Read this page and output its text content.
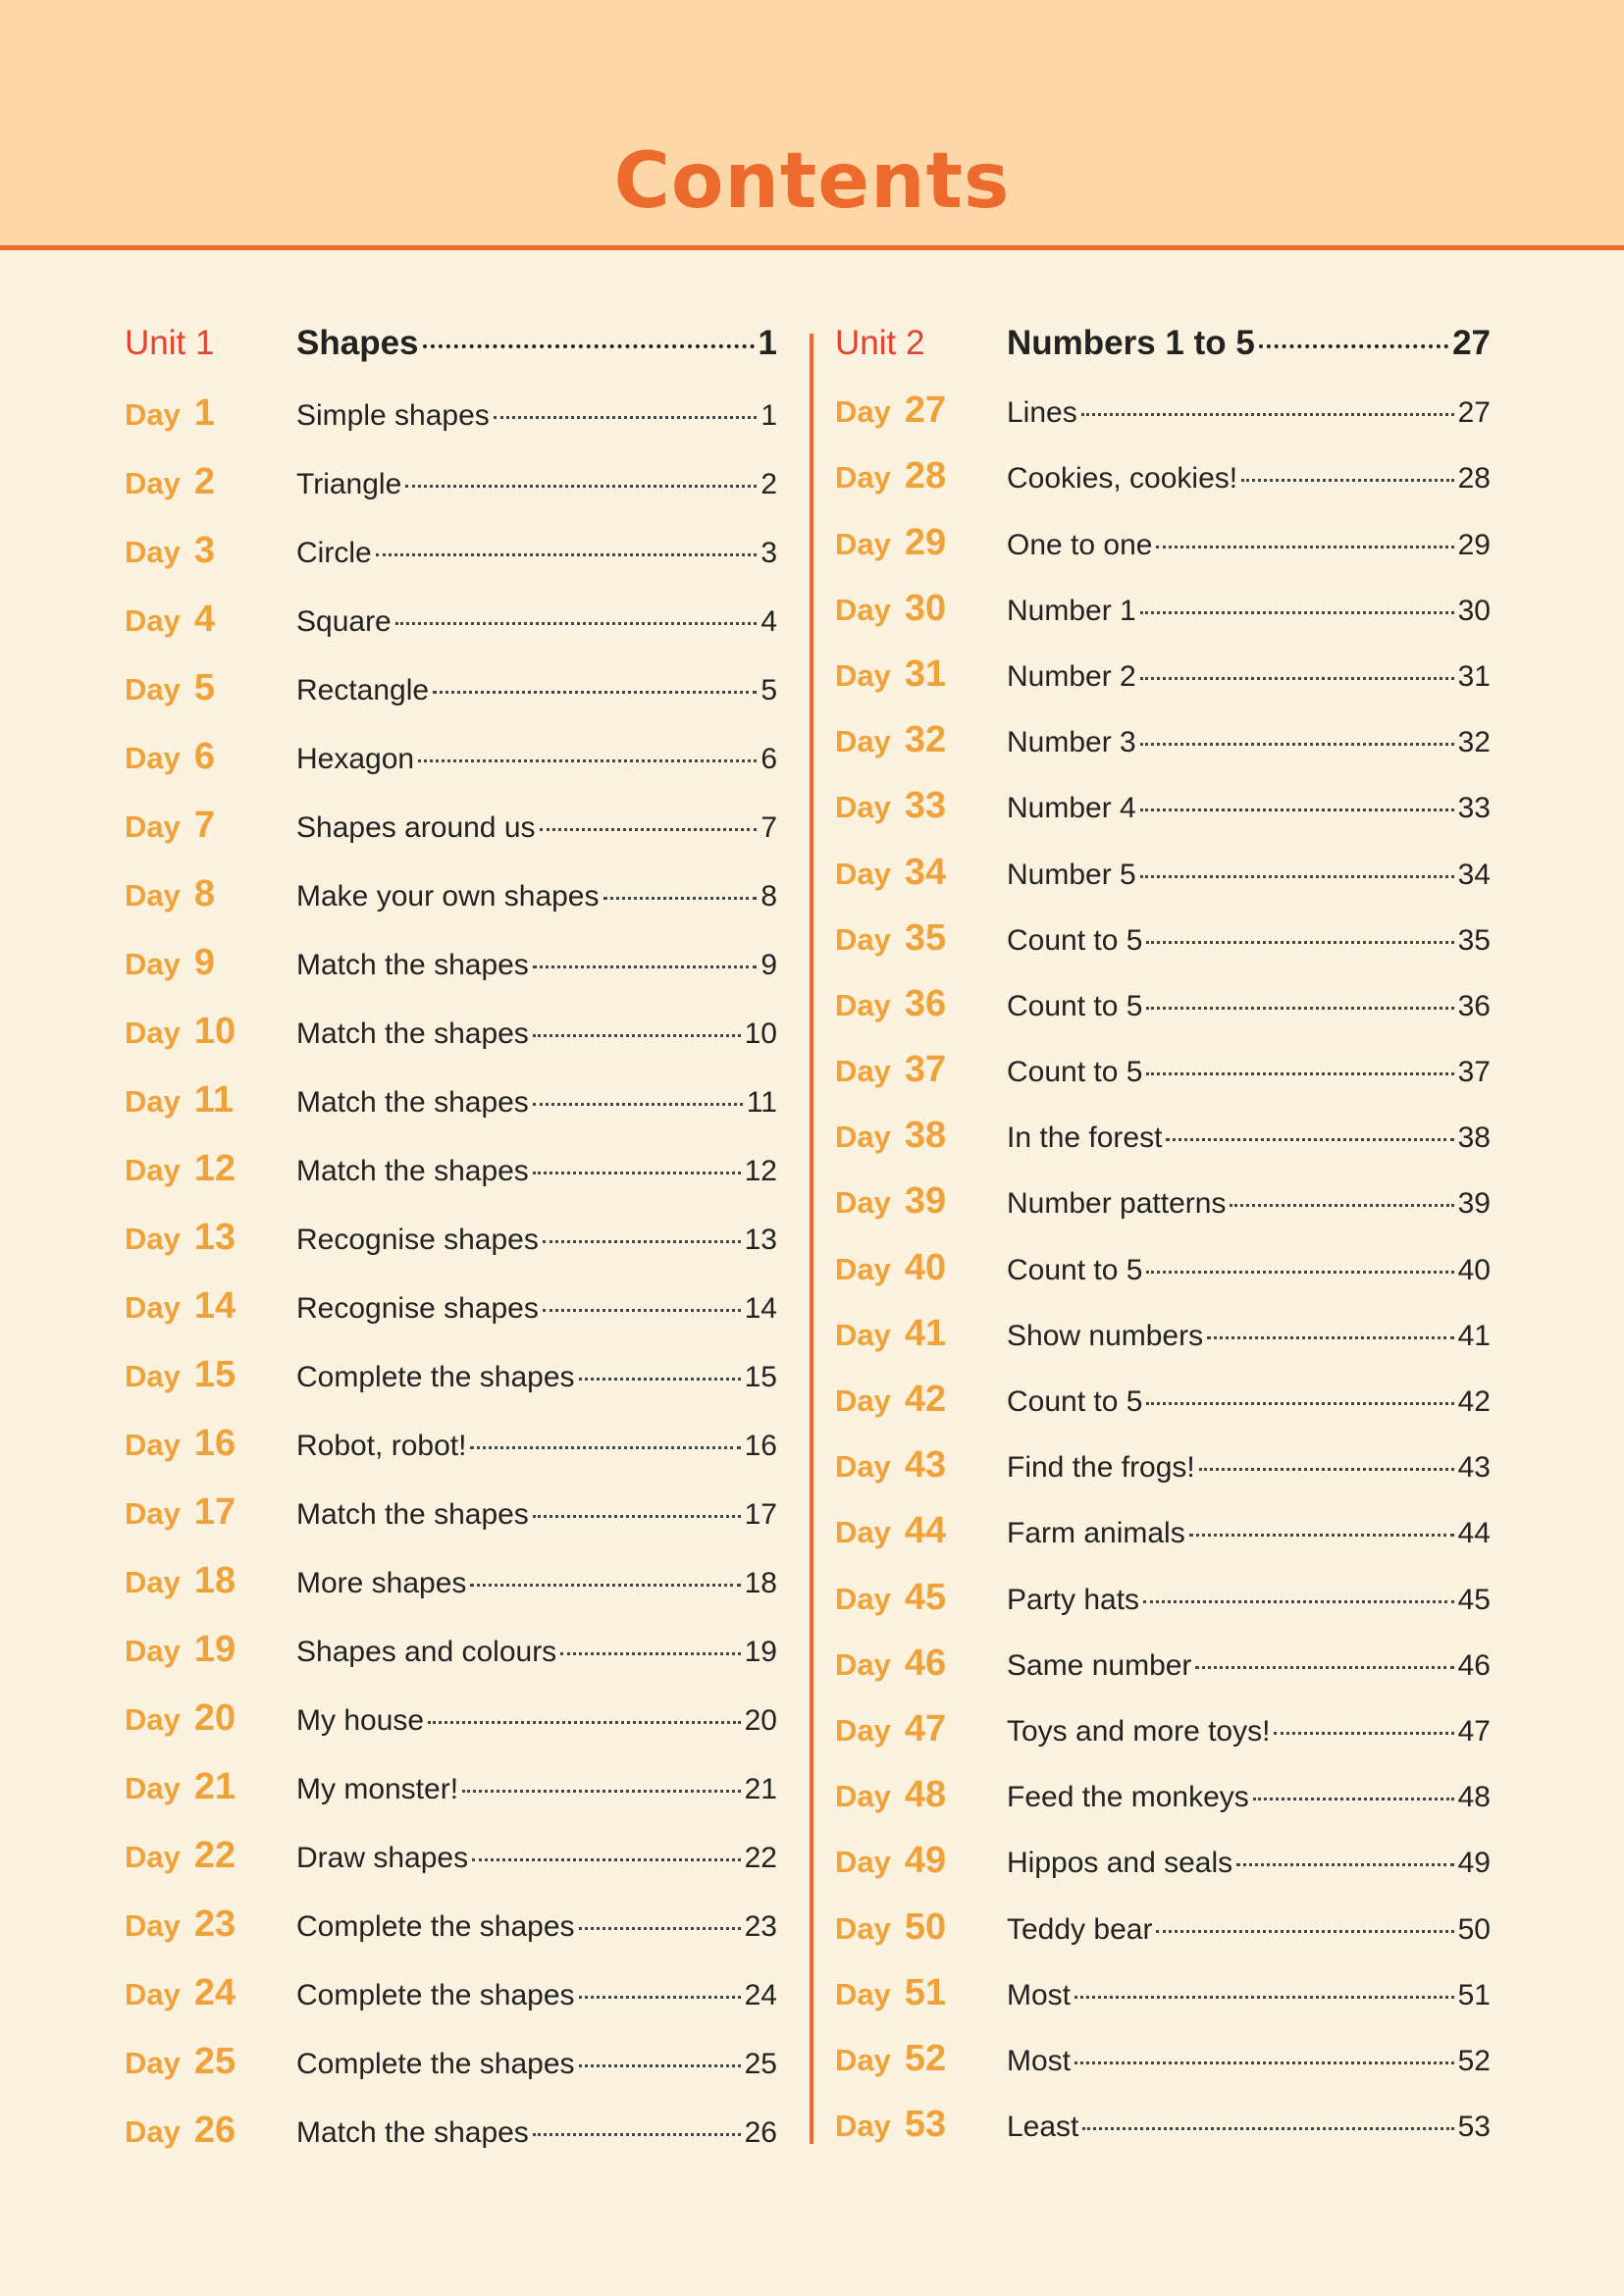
Contents
Unit 1	Shapes	1
Day 1	Simple shapes	1
Day 2	Triangle	2
Day 3	Circle	3
Day 4	Square	4
Day 5	Rectangle	5
Day 6	Hexagon	6
Day 7	Shapes around us	7
Day 8	Make your own shapes	8
Day 9	Match the shapes	9
Day 10	Match the shapes	10
Day 11	Match the shapes	11
Day 12	Match the shapes	12
Day 13	Recognise shapes	13
Day 14	Recognise shapes	14
Day 15	Complete the shapes	15
Day 16	Robot, robot!	16
Day 17	Match the shapes	17
Day 18	More shapes	18
Day 19	Shapes and colours	19
Day 20	My house	20
Day 21	My monster!	21
Day 22	Draw shapes	22
Day 23	Complete the shapes	23
Day 24	Complete the shapes	24
Day 25	Complete the shapes	25
Day 26	Match the shapes	26
Unit 2	Numbers 1 to 5	27
Day 27	Lines	27
Day 28	Cookies, cookies!	28
Day 29	One to one	29
Day 30	Number 1	30
Day 31	Number 2	31
Day 32	Number 3	32
Day 33	Number 4	33
Day 34	Number 5	34
Day 35	Count to 5	35
Day 36	Count to 5	36
Day 37	Count to 5	37
Day 38	In the forest	38
Day 39	Number patterns	39
Day 40	Count to 5	40
Day 41	Show numbers	41
Day 42	Count to 5	42
Day 43	Find the frogs!	43
Day 44	Farm animals	44
Day 45	Party hats	45
Day 46	Same number	46
Day 47	Toys and more toys!	47
Day 48	Feed the monkeys	48
Day 49	Hippos and seals	49
Day 50	Teddy bear	50
Day 51	Most	51
Day 52	Most	52
Day 53	Least	53
